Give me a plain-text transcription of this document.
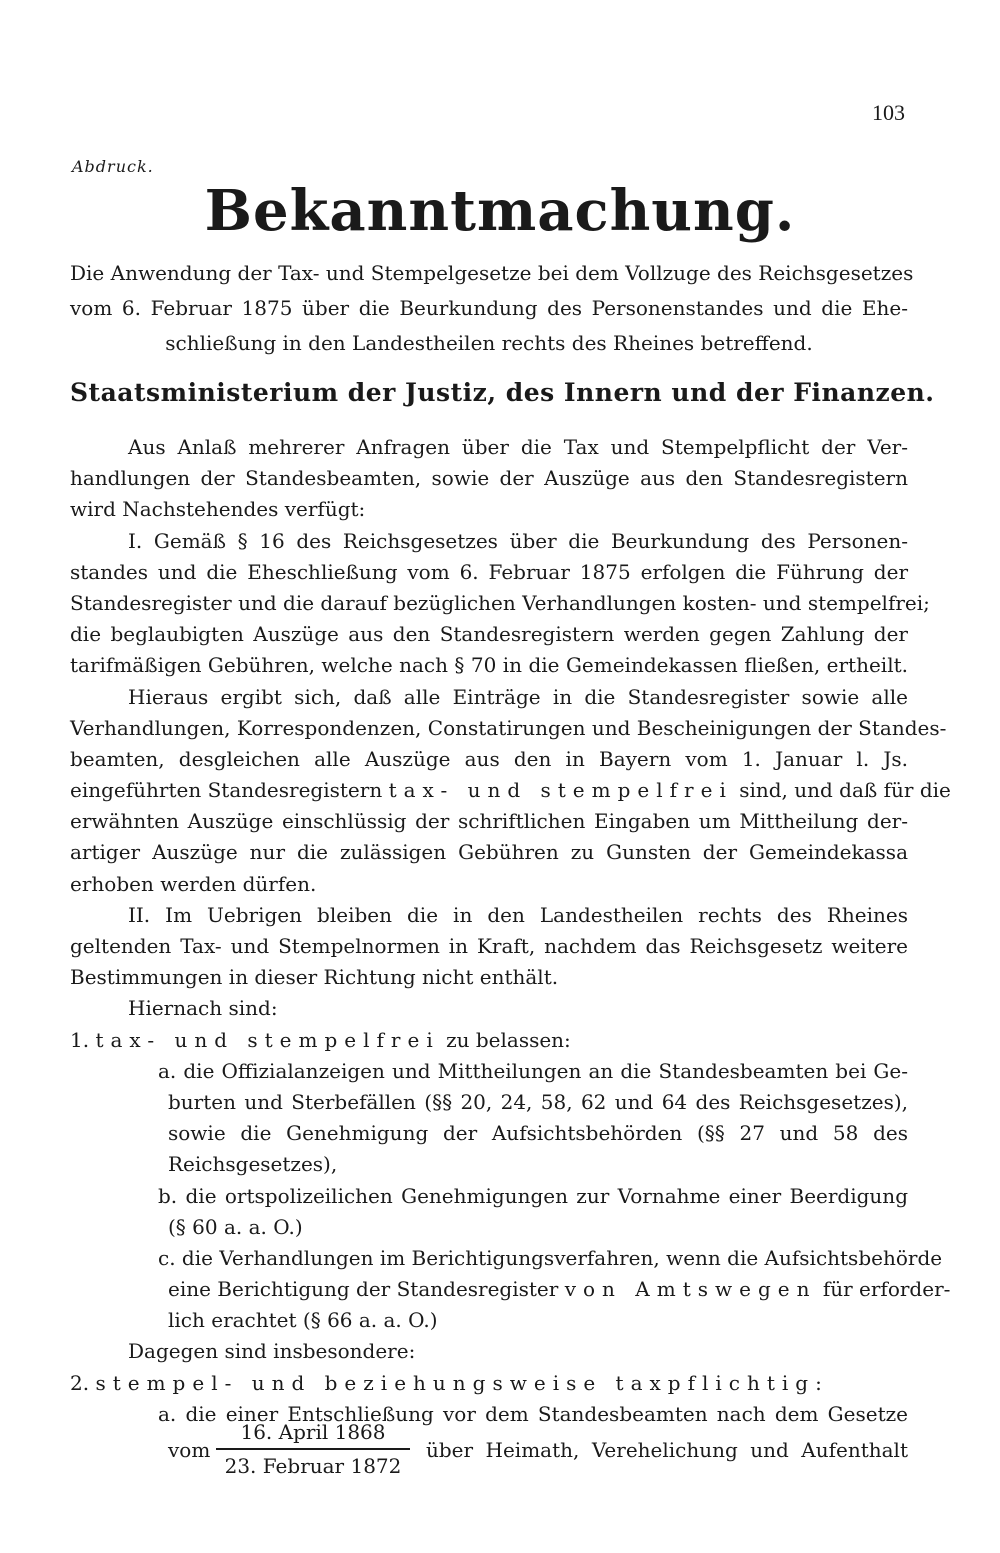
103
Abdruck.
Bekanntmachung.
Die Anwendung der Tax- und Stempelgesetze bei dem Vollzuge des Reichsgesetzes
vom 6. Februar 1875 über die Beurkundung des Personenstandes und die Ehe-
schließung in den Landestheilen rechts des Rheines betreffend.
Staatsministerium der Justiz, des Innern und der Finanzen.
Aus Anlaß mehrerer Anfragen über die Tax und Stempelpflicht der Ver-
handlungen der Standesbeamten, sowie der Auszüge aus den Standesregistern
wird Nachstehendes verfügt:
I. Gemäß § 16 des Reichsgesetzes über die Beurkundung des Personen-
standes und die Eheschließung vom 6. Februar 1875 erfolgen die Führung der
Standesregister und die darauf bezüglichen Verhandlungen kosten- und stempelfrei;
die beglaubigten Auszüge aus den Standesregistern werden gegen Zahlung der
tarifmäßigen Gebühren, welche nach § 70 in die Gemeindekassen fließen, ertheilt.
Hieraus ergibt sich, daß alle Einträge in die Standesregister sowie alle
Verhandlungen, Korrespondenzen, Constatirungen und Bescheinigungen der Standes-
beamten, desgleichen alle Auszüge aus den in Bayern vom 1. Januar l. Js.
eingeführten Standesregistern tax- und stempelfrei sind, und daß für die
erwähnten Auszüge einschlüssig der schriftlichen Eingaben um Mittheilung der-
artiger Auszüge nur die zulässigen Gebühren zu Gunsten der Gemeindekassa
erhoben werden dürfen.
II. Im Uebrigen bleiben die in den Landestheilen rechts des Rheines
geltenden Tax- und Stempelnormen in Kraft, nachdem das Reichsgesetz weitere
Bestimmungen in dieser Richtung nicht enthält.
Hiernach sind:
1. tax- und stempelfrei zu belassen:
a. die Offizialanzeigen und Mittheilungen an die Standesbeamten bei Ge-
burten und Sterbefällen (§§ 20, 24, 58, 62 und 64 des Reichsgesetzes),
sowie die Genehmigung der Aufsichtsbehörden (§§ 27 und 58 des
Reichsgesetzes),
b. die ortspolizeilichen Genehmigungen zur Vornahme einer Beerdigung
(§ 60 a. a. O.)
c. die Verhandlungen im Berichtigungsverfahren, wenn die Aufsichtsbehörde
eine Berichtigung der Standesregister von Amtswegen für erforder-
lich erachtet (§ 66 a. a. O.)
Dagegen sind insbesondere:
2. stempel- und beziehungsweise taxpflichtig:
a. die einer Entschließung vor dem Standesbeamten nach dem Gesetze
vom
16. April 1868
23. Februar 1872
über Heimath, Verehelichung und Aufenthalt
